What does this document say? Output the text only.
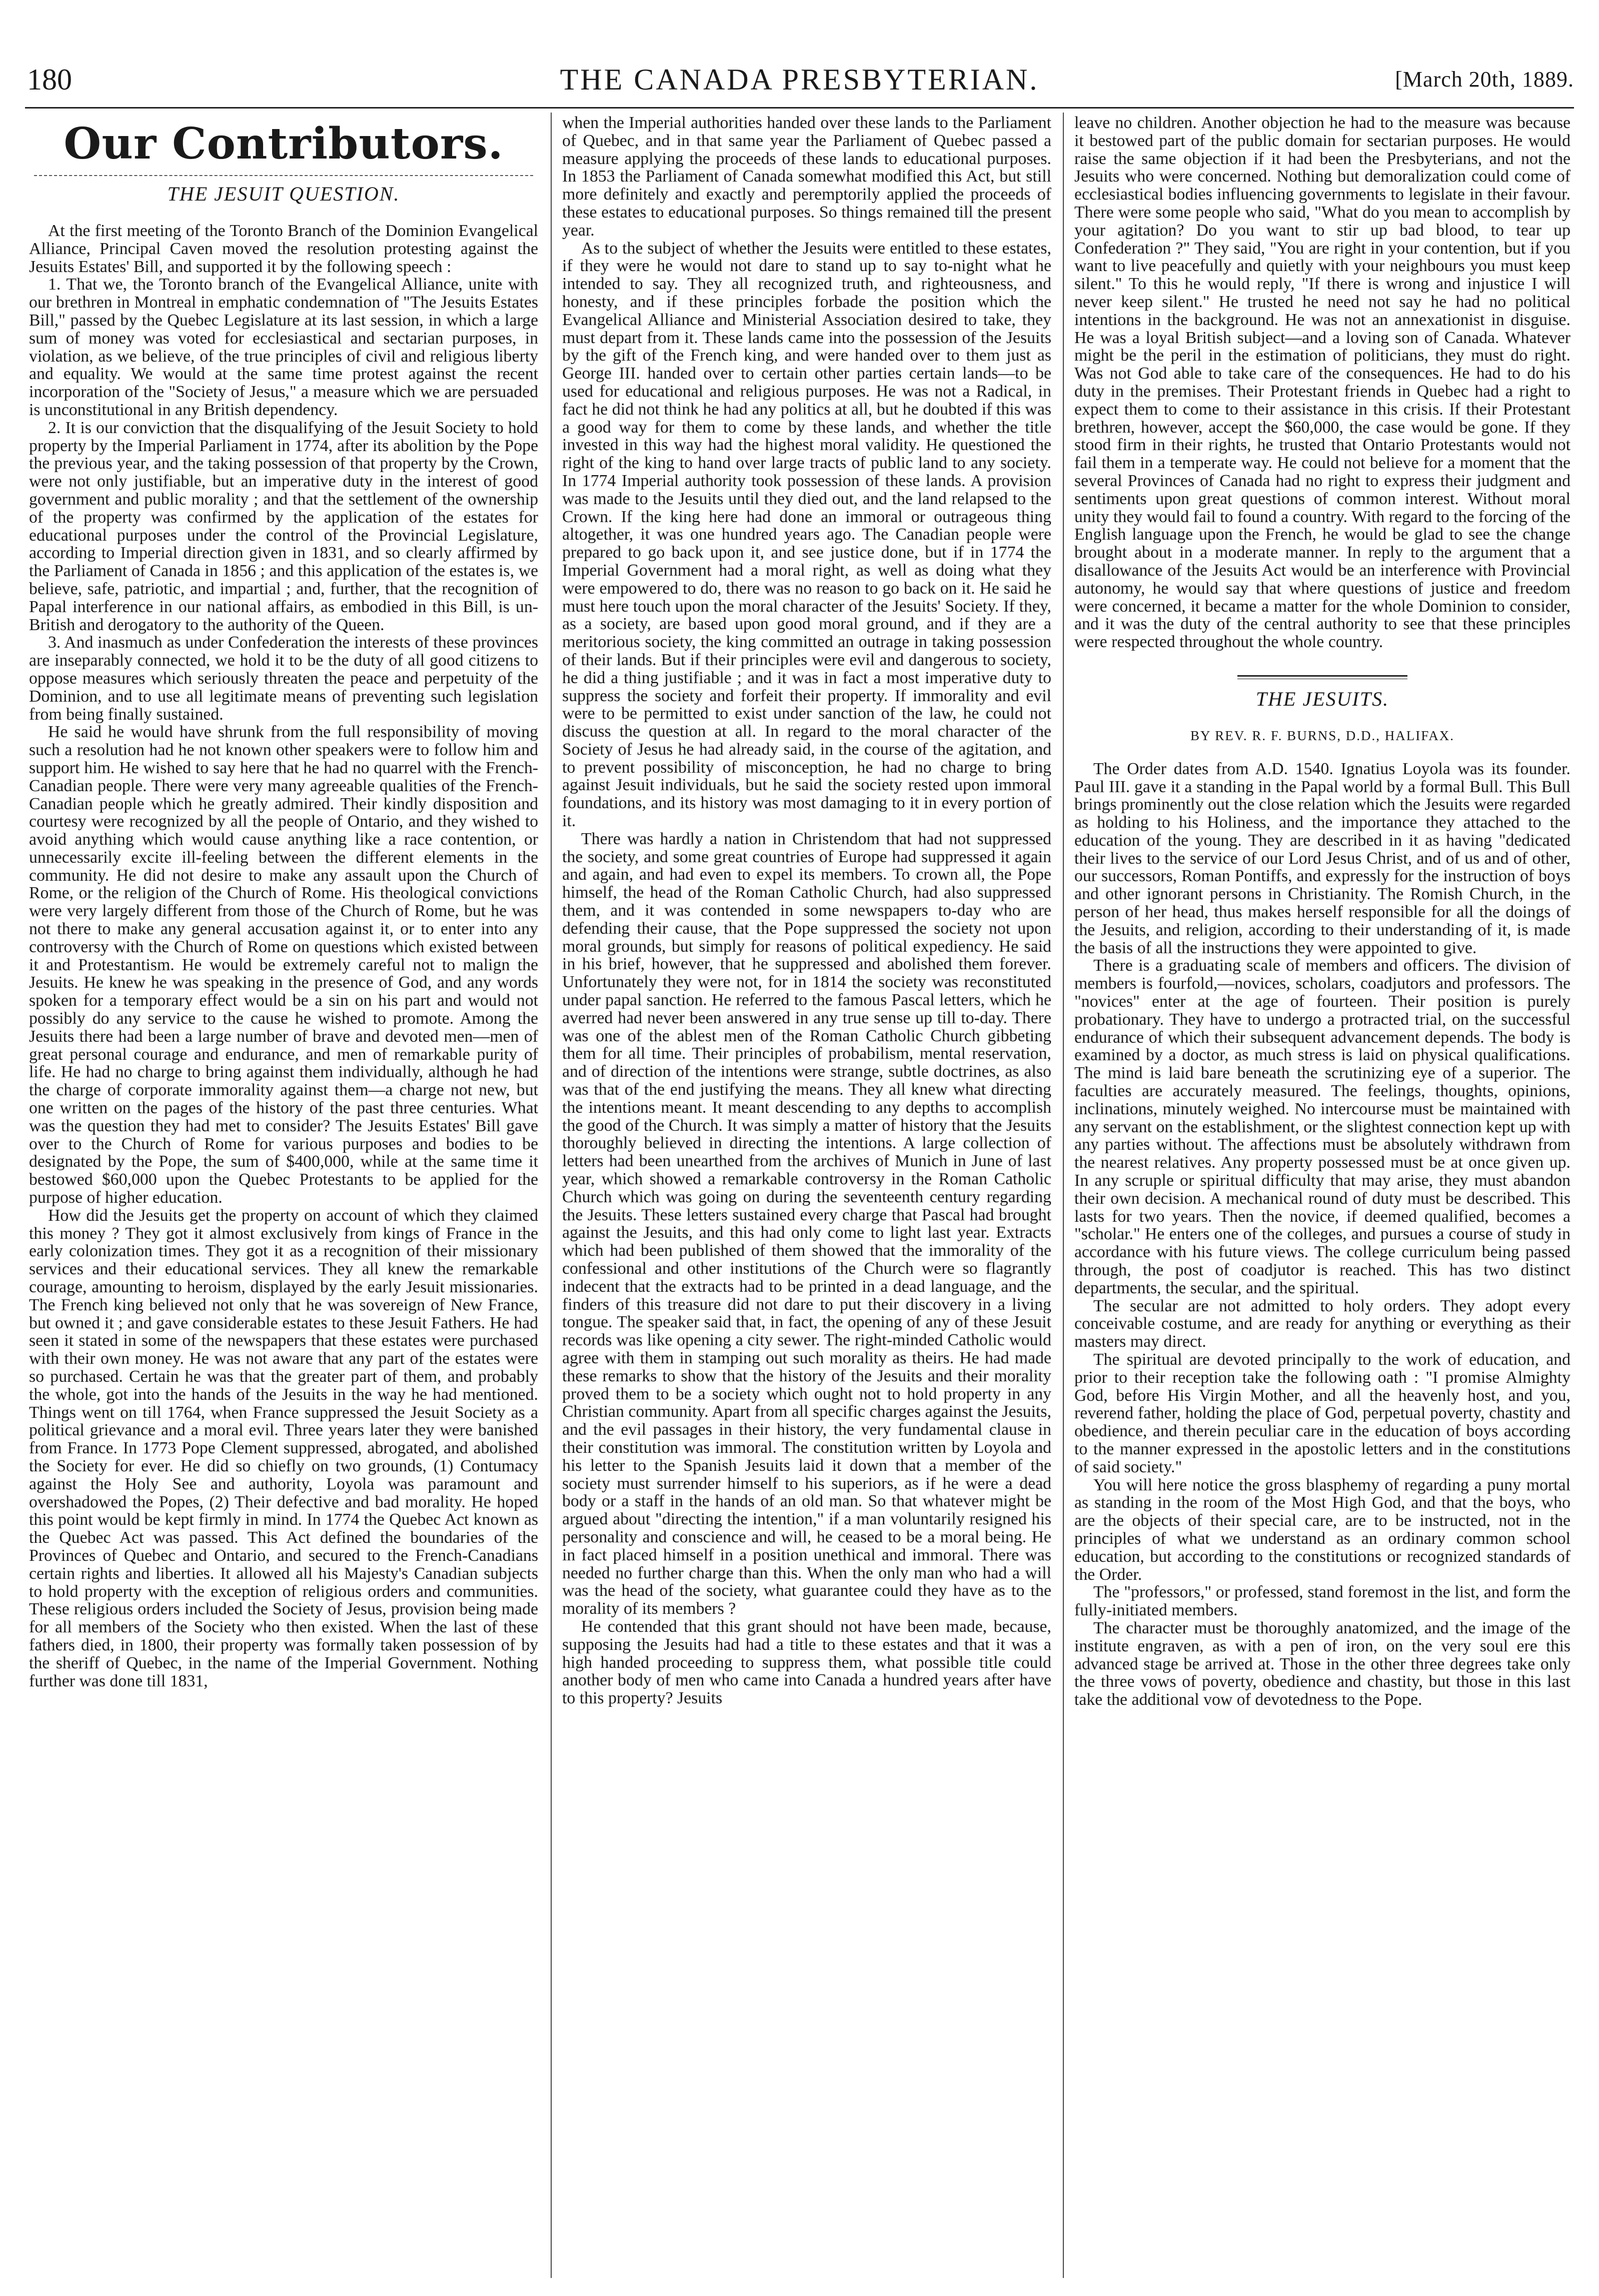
180	THE CANADA PRESBYTERIAN.	[March 20th, 1889.
Our Contributors.
THE JESUIT QUESTION.

At the first meeting of the Toronto Branch of the Dominion Evangelical Alliance, Principal Caven moved the resolution protesting against the Jesuits Estates' Bill, and supported it by the following speech :

1. That we, the Toronto branch of the Evangelical Alliance, unite with our brethren in Montreal in emphatic condemnation of "The Jesuits Estates Bill," passed by the Quebec Legislature at its last session, in which a large sum of money was voted for ecclesiastical and sectarian purposes, in violation, as we believe, of the true principles of civil and religious liberty and equality. We would at the same time protest against the recent incorporation of the "Society of Jesus," a measure which we are persuaded is unconstitutional in any British dependency.

2. It is our conviction that the disqualifying of the Jesuit Society to hold property by the Imperial Parliament in 1774, after its abolition by the Pope the previous year, and the taking possession of that property by the Crown, were not only justifiable, but an imperative duty in the interest of good government and public morality ; and that the settlement of the ownership of the property was confirmed by the application of the estates for educational purposes under the control of the Provincial Legislature, according to Imperial direction given in 1831, and so clearly affirmed by the Parliament of Canada in 1856 ; and this application of the estates is, we believe, safe, patriotic, and impartial ; and, further, that the recognition of Papal interference in our national affairs, as embodied in this Bill, is un-British and derogatory to the authority of the Queen.

3. And inasmuch as under Confederation the interests of these provinces are inseparably connected, we hold it to be the duty of all good citizens to oppose measures which seriously threaten the peace and perpetuity of the Dominion, and to use all legitimate means of preventing such legislation from being finally sustained.

He said he would have shrunk from the full responsibility of moving such a resolution had he not known other speakers were to follow him and support him. He wished to say here that he had no quarrel with the French-Canadian people. There were very many agreeable qualities of the French-Canadian people which he greatly admired. Their kindly disposition and courtesy were recognized by all the people of Ontario, and they wished to avoid anything which would cause anything like a race contention, or unnecessarily excite ill-feeling between the different elements in the community. He did not desire to make any assault upon the Church of Rome, or the religion of the Church of Rome. His theological convictions were very largely different from those of the Church of Rome, but he was not there to make any general accusation against it, or to enter into any controversy with the Church of Rome on questions which existed between it and Protestantism. He would be extremely careful not to malign the Jesuits. He knew he was speaking in the presence of God, and any words spoken for a temporary effect would be a sin on his part and would not possibly do any service to the cause he wished to promote. Among the Jesuits there had been a large number of brave and devoted men—men of great personal courage and endurance, and men of remarkable purity of life. He had no charge to bring against them individually, although he had the charge of corporate immorality against them—a charge not new, but one written on the pages of the history of the past three centuries. What was the question they had met to consider? The Jesuits Estates' Bill gave over to the Church of Rome for various purposes and bodies to be designated by the Pope, the sum of $400,000, while at the same time it bestowed $60,000 upon the Quebec Protestants to be applied for the purpose of higher education.

How did the Jesuits get the property on account of which they claimed this money ? They got it almost exclusively from kings of France in the early colonization times. They got it as a recognition of their missionary services and their educational services. They all knew the remarkable courage, amounting to heroism, displayed by the early Jesuit missionaries. The French king believed not only that he was sovereign of New France, but owned it ; and gave considerable estates to these Jesuit Fathers. He had seen it stated in some of the newspapers that these estates were purchased with their own money. He was not aware that any part of the estates were so purchased. Certain he was that the greater part of them, and probably the whole, got into the hands of the Jesuits in the way he had mentioned. Things went on till 1764, when France suppressed the Jesuit Society as a political grievance and a moral evil. Three years later they were banished from France. In 1773 Pope Clement suppressed, abrogated, and abolished the Society for ever. He did so chiefly on two grounds, (1) Contumacy against the Holy See and authority, Loyola was paramount and overshadowed the Popes, (2) Their defective and bad morality. He hoped this point would be kept firmly in mind. In 1774 the Quebec Act known as the Quebec Act was passed. This Act defined the boundaries of the Provinces of Quebec and Ontario, and secured to the French-Canadians certain rights and liberties. It allowed all his Majesty's Canadian subjects to hold property with the exception of religious orders and communities. These religious orders included the Society of Jesus, provision being made for all members of the Society who then existed. When the last of these fathers died, in 1800, their property was formally taken possession of by the sheriff of Quebec, in the name of the Imperial Government. Nothing further was done till 1831,

when the Imperial authorities handed over these lands to the Parliament of Quebec, and in that same year the Parliament of Quebec passed a measure applying the proceeds of these lands to educational purposes. In 1853 the Parliament of Canada somewhat modified this Act, but still more definitely and exactly and peremptorily applied the proceeds of these estates to educational purposes. So things remained till the present year.

As to the subject of whether the Jesuits were entitled to these estates, if they were he would not dare to stand up to say to-night what he intended to say. They all recognized truth, and righteousness, and honesty, and if these principles forbade the position which the Evangelical Alliance and Ministerial Association desired to take, they must depart from it. These lands came into the possession of the Jesuits by the gift of the French king, and were handed over to them just as George III. handed over to certain other parties certain lands—to be used for educational and religious purposes. He was not a Radical, in fact he did not think he had any politics at all, but he doubted if this was a good way for them to come by these lands, and whether the title invested in this way had the highest moral validity. He questioned the right of the king to hand over large tracts of public land to any society. In 1774 Imperial authority took possession of these lands. A provision was made to the Jesuits until they died out, and the land relapsed to the Crown. If the king here had done an immoral or outrageous thing altogether, it was one hundred years ago. The Canadian people were prepared to go back upon it, and see justice done, but if in 1774 the Imperial Government had a moral right, as well as doing what they were empowered to do, there was no reason to go back on it. He said he must here touch upon the moral character of the Jesuits' Society. If they, as a society, are based upon good moral ground, and if they are a meritorious society, the king committed an outrage in taking possession of their lands. But if their principles were evil and dangerous to society, he did a thing justifiable ; and it was in fact a most imperative duty to suppress the society and forfeit their property. If immorality and evil were to be permitted to exist under sanction of the law, he could not discuss the question at all. In regard to the moral character of the Society of Jesus he had already said, in the course of the agitation, and to prevent possibility of misconception, he had no charge to bring against Jesuit individuals, but he said the society rested upon immoral foundations, and its history was most damaging to it in every portion of it.

There was hardly a nation in Christendom that had not suppressed the society, and some great countries of Europe had suppressed it again and again, and had even to expel its members. To crown all, the Pope himself, the head of the Roman Catholic Church, had also suppressed them, and it was contended in some newspapers to-day who are defending their cause, that the Pope suppressed the society not upon moral grounds, but simply for reasons of political expediency. He said in his brief, however, that he suppressed and abolished them forever. Unfortunately they were not, for in 1814 the society was reconstituted under papal sanction. He referred to the famous Pascal letters, which he averred had never been answered in any true sense up till to-day. There was one of the ablest men of the Roman Catholic Church gibbeting them for all time. Their principles of probabilism, mental reservation, and of direction of the intentions were strange, subtle doctrines, as also was that of the end justifying the means. They all knew what directing the intentions meant. It meant descending to any depths to accomplish the good of the Church. It was simply a matter of history that the Jesuits thoroughly believed in directing the intentions. A large collection of letters had been unearthed from the archives of Munich in June of last year, which showed a remarkable controversy in the Roman Catholic Church which was going on during the seventeenth century regarding the Jesuits. These letters sustained every charge that Pascal had brought against the Jesuits, and this had only come to light last year. Extracts which had been published of them showed that the immorality of the confessional and other institutions of the Church were so flagrantly indecent that the extracts had to be printed in a dead language, and the finders of this treasure did not dare to put their discovery in a living tongue. The speaker said that, in fact, the opening of any of these Jesuit records was like opening a city sewer. The right-minded Catholic would agree with them in stamping out such morality as theirs. He had made these remarks to show that the history of the Jesuits and their morality proved them to be a society which ought not to hold property in any Christian community. Apart from all specific charges against the Jesuits, and the evil passages in their history, the very fundamental clause in their constitution was immoral. The constitution written by Loyola and his letter to the Spanish Jesuits laid it down that a member of the society must surrender himself to his superiors, as if he were a dead body or a staff in the hands of an old man. So that whatever might be argued about "directing the intention," if a man voluntarily resigned his personality and conscience and will, he ceased to be a moral being. He in fact placed himself in a position unethical and immoral. There was needed no further charge than this. When the only man who had a will was the head of the society, what guarantee could they have as to the morality of its members ?

He contended that this grant should not have been made, because, supposing the Jesuits had had a title to these estates and that it was a high handed proceeding to suppress them, what possible title could another body of men who came into Canada a hundred years after have to this property? Jesuits

leave no children. Another objection he had to the measure was because it bestowed part of the public domain for sectarian purposes. He would raise the same objection if it had been the Presbyterians, and not the Jesuits who were concerned. Nothing but demoralization could come of ecclesiastical bodies influencing governments to legislate in their favour. There were some people who said, "What do you mean to accomplish by your agitation? Do you want to stir up bad blood, to tear up Confederation ?" They said, "You are right in your contention, but if you want to live peacefully and quietly with your neighbours you must keep silent." To this he would reply, "If there is wrong and injustice I will never keep silent." He trusted he need not say he had no political intentions in the background. He was not an annexationist in disguise. He was a loyal British subject—and a loving son of Canada. Whatever might be the peril in the estimation of politicians, they must do right. Was not God able to take care of the consequences. He had to do his duty in the premises. Their Protestant friends in Quebec had a right to expect them to come to their assistance in this crisis. If their Protestant brethren, however, accept the $60,000, the case would be gone. If they stood firm in their rights, he trusted that Ontario Protestants would not fail them in a temperate way. He could not believe for a moment that the several Provinces of Canada had no right to express their judgment and sentiments upon great questions of common interest. Without moral unity they would fail to found a country. With regard to the forcing of the English language upon the French, he would be glad to see the change brought about in a moderate manner. In reply to the argument that a disallowance of the Jesuits Act would be an interference with Provincial autonomy, he would say that where questions of justice and freedom were concerned, it became a matter for the whole Dominion to consider, and it was the duty of the central authority to see that these principles were respected throughout the whole country.

THE JESUITS.
BY REV. R. F. BURNS, D.D., HALIFAX.

The Order dates from A.D. 1540. Ignatius Loyola was its founder. Paul III. gave it a standing in the Papal world by a formal Bull. This Bull brings prominently out the close relation which the Jesuits were regarded as holding to his Holiness, and the importance they attached to the education of the young. They are described in it as having "dedicated their lives to the service of our Lord Jesus Christ, and of us and of other, our successors, Roman Pontiffs, and expressly for the instruction of boys and other ignorant persons in Christianity. The Romish Church, in the person of her head, thus makes herself responsible for all the doings of the Jesuits, and religion, according to their understanding of it, is made the basis of all the instructions they were appointed to give.

There is a graduating scale of members and officers. The division of members is fourfold,—novices, scholars, coadjutors and professors. The "novices" enter at the age of fourteen. Their position is purely probationary. They have to undergo a protracted trial, on the successful endurance of which their subsequent advancement depends. The body is examined by a doctor, as much stress is laid on physical qualifications. The mind is laid bare beneath the scrutinizing eye of a superior. The faculties are accurately measured. The feelings, thoughts, opinions, inclinations, minutely weighed. No intercourse must be maintained with any servant on the establishment, or the slightest connection kept up with any parties without. The affections must be absolutely withdrawn from the nearest relatives. Any property possessed must be at once given up. In any scruple or spiritual difficulty that may arise, they must abandon their own decision. A mechanical round of duty must be described. This lasts for two years. Then the novice, if deemed qualified, becomes a "scholar." He enters one of the colleges, and pursues a course of study in accordance with his future views. The college curriculum being passed through, the post of coadjutor is reached. This has two distinct departments, the secular, and the spiritual.

The secular are not admitted to holy orders. They adopt every conceivable costume, and are ready for anything or everything as their masters may direct.

The spiritual are devoted principally to the work of education, and prior to their reception take the following oath : "I promise Almighty God, before His Virgin Mother, and all the heavenly host, and you, reverend father, holding the place of God, perpetual poverty, chastity and obedience, and therein peculiar care in the education of boys according to the manner expressed in the apostolic letters and in the constitutions of said society."

You will here notice the gross blasphemy of regarding a puny mortal as standing in the room of the Most High God, and that the boys, who are the objects of their special care, are to be instructed, not in the principles of what we understand as an ordinary common school education, but according to the constitutions or recognized standards of the Order.

The "professors," or professed, stand foremost in the list, and form the fully-initiated members.

The character must be thoroughly anatomized, and the image of the institute engraven, as with a pen of iron, on the very soul ere this advanced stage be arrived at. Those in the other three degrees take only the three vows of poverty, obedience and chastity, but those in this last take the additional vow of devotedness to the Pope.
